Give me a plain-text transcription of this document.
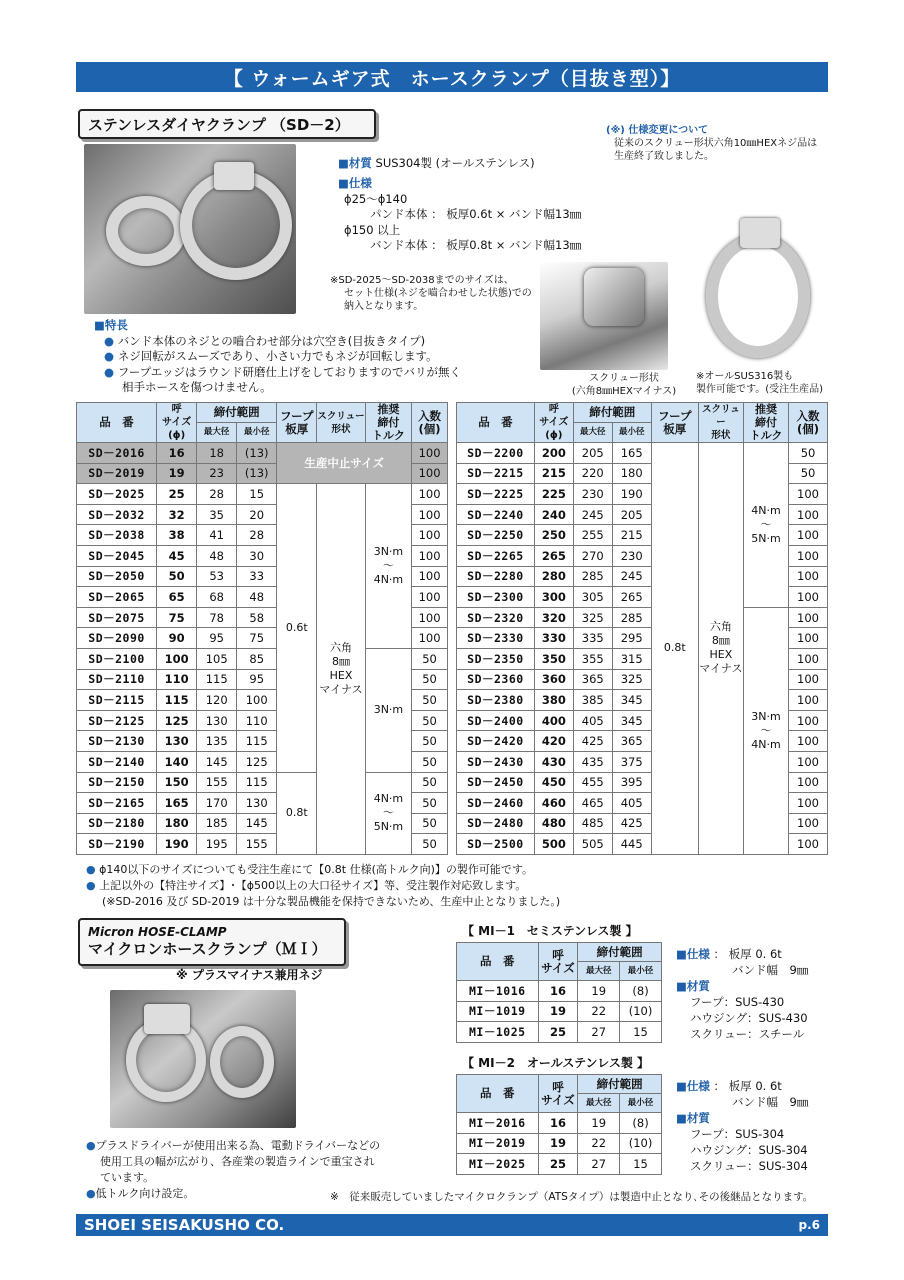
【 ウォームギア式　ホースクランプ（目抜き型）】
ステンレスダイヤクランプ （SD－2）	(※) 仕様変更について
従来のスクリュー形状六角10㎜HEXネジ品は
生産終了致しました。
■材質 SUS304製 (オールステンレス)
■仕様
ɸ25～ɸ140
パンド本体 ： 板厚0.6t × バンド幅13㎜
ɸ150 以上
バンド本体 ： 板厚0.8t × バンド幅13㎜
※SD-2025～SD-2038までのサイズは、
セット仕様(ネジを嚙合わせした状態)での
納入となります。
スクリュー形状
(六角8㎜HEXマイナス)
※オールSUS316製も
製作可能です。(受注生産品)
■特長
● バンド本体のネジとの嚙合わせ部分は穴空き(目抜きタイプ)
● ネジ回転がスムーズであり、小さい力でもネジが回転します。
● フープエッジはラウンド研磨仕上げをしておりますのでバリが無く
相手ホースを傷つけません。
品　番	呼
サイズ
(ɸ)	締付範囲		フープ
板厚	スクリュー
形状	推奨
締付
トルク	入数
(個)
		最大径	最小径				
SD－2016	16	18	(13)	生産中止サイズ			100
SD－2019	19	23	(13)				100
SD－2025	25	28	15	0.6t	六角
8㎜
HEX
マイナス	3N·m
～
4N·m	100
SD－2032	32	35	20				100
SD－2038	38	41	28				100
SD－2045	45	48	30				100
SD－2050	50	53	33				100
SD－2065	65	68	48				100
SD－2075	75	78	58				100
SD－2090	90	95	75				100
SD－2100	100	105	85			3N·m	50
SD－2110	110	115	95				50
SD－2115	115	120	100				50
SD－2125	125	130	110				50
SD－2130	130	135	115				50
SD－2140	140	145	125				50
SD－2150	150	155	115	0.8t		4N·m
～
5N·m	50
SD－2165	165	170	130				50
SD－2180	180	185	145				50
SD－2190	190	195	155				50
品　番	呼
サイズ
(ɸ)	締付範囲		フープ
板厚	スクリュー
形状	推奨
締付
トルク	入数
(個)
		最大径	最小径				
SD－2200	200	205	165	0.8t	六角
8㎜
HEX
マイナス	4N·m
～
5N·m	50
SD－2215	215	220	180				50
SD－2225	225	230	190				100
SD－2240	240	245	205				100
SD－2250	250	255	215				100
SD－2265	265	270	230				100
SD－2280	280	285	245				100
SD－2300	300	305	265				100
SD－2320	320	325	285			3N·m
～
4N·m	100
SD－2330	330	335	295				100
SD－2350	350	355	315				100
SD－2360	360	365	325				100
SD－2380	380	385	345				100
SD－2400	400	405	345				100
SD－2420	420	425	365				100
SD－2430	430	435	375				100
SD－2450	450	455	395				100
SD－2460	460	465	405				100
SD－2480	480	485	425				100
SD－2500	500	505	445				100
● ɸ140以下のサイズについても受注生産にて【0.8t 仕様(高トルク向)】の製作可能です。
● 上記以外の【特注サイズ】･【ɸ500以上の大口径サイズ】等、受注製作対応致します。
(※SD-2016 及び SD-2019 は十分な製品機能を保持できないため、生産中止となりました。)
Micron HOSE-CLAMP
マイクロンホースクランプ（ＭＩ）
※ プラスマイナス兼用ネジ
●プラスドライバーが使用出来る為、電動ドライバーなどの
使用工具の幅が広がり、各産業の製造ラインで重宝され
ています。
●低トルク向け設定。
【 MI－1　セミステンレス製 】
品　番	呼
サイズ	締付範囲	
		最大径	最小径
MI－1016	16	19	(8)
MI－1019	19	22	(10)
MI－1025	25	27	15
■仕様 ： 板厚 0. 6t
バンド幅　9㎜
■材質
フープ：SUS-430
ハウジング：SUS-430
スクリュー：スチール
【 MI－2　オールステンレス製 】
品　番	呼
サイズ	締付範囲	
		最大径	最小径
MI－2016	16	19	(8)
MI－2019	19	22	(10)
MI－2025	25	27	15
■仕様 ： 板厚 0. 6t
バンド幅　9㎜
■材質
フープ：SUS-304
ハウジング：SUS-304
スクリュー：SUS-304
※　従来販売していましたマイクロクランプ（ATSタイプ）は製造中止となり､その後継品となります。
SHOEI SEISAKUSHO CO.	p.6
